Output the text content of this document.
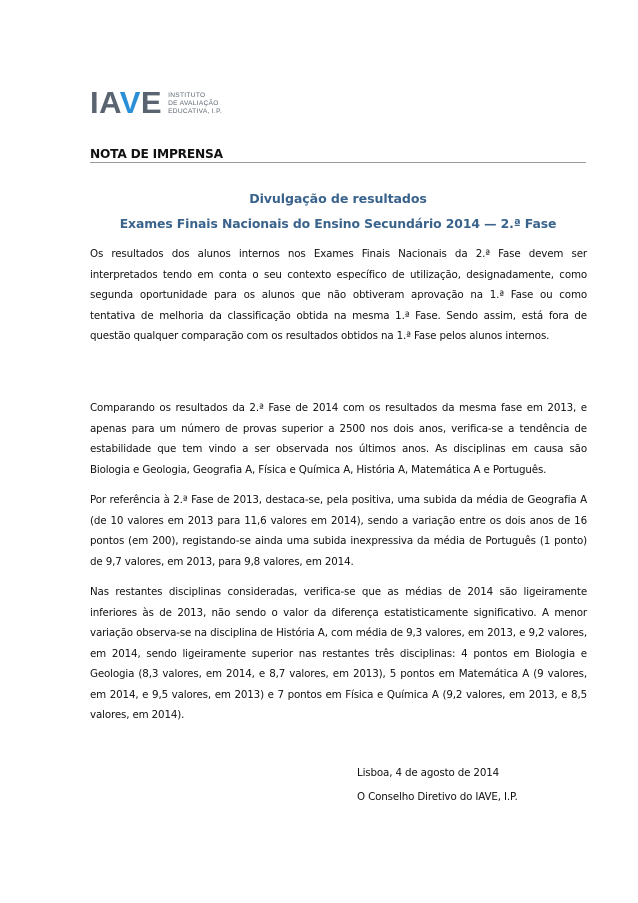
IAVE INSTITUTO
DE AVALIAÇÃO
EDUCATIVA, I.P.
NOTA DE IMPRENSA
Divulgação de resultados
Exames Finais Nacionais do Ensino Secundário 2014 — 2.ª Fase

Os resultados dos alunos internos nos Exames Finais Nacionais da 2.ª Fase devem ser interpretados tendo em conta o seu contexto específico de utilização, designadamente, como segunda oportunidade para os alunos que não obtiveram aprovação na 1.ª Fase ou como tentativa de melhoria da classificação obtida na mesma 1.ª Fase. Sendo assim, está fora de questão qualquer comparação com os resultados obtidos na 1.ª Fase pelos alunos internos.

Comparando os resultados da 2.ª Fase de 2014 com os resultados da mesma fase em 2013, e apenas para um número de provas superior a 2500 nos dois anos, verifica-se a tendência de estabilidade que tem vindo a ser observada nos últimos anos. As disciplinas em causa são Biologia e Geologia, Geografia A, Física e Química A, História A, Matemática A e Português.

Por referência à 2.ª Fase de 2013, destaca-se, pela positiva, uma subida da média de Geografia A (de 10 valores em 2013 para 11,6 valores em 2014), sendo a variação entre os dois anos de 16 pontos (em 200), registando-se ainda uma subida inexpressiva da média de Português (1 ponto) de 9,7 valores, em 2013, para 9,8 valores, em 2014.

Nas restantes disciplinas consideradas, verifica-se que as médias de 2014 são ligeiramente inferiores às de 2013, não sendo o valor da diferença estatisticamente significativo. A menor variação observa-se na disciplina de História A, com média de 9,3 valores, em 2013, e 9,2 valores, em 2014, sendo ligeiramente superior nas restantes três disciplinas: 4 pontos em Biologia e Geologia (8,3 valores, em 2014, e 8,7 valores, em 2013), 5 pontos em Matemática A (9 valores, em 2014, e 9,5 valores, em 2013) e 7 pontos em Física e Química A (9,2 valores, em 2013, e 8,5 valores, em 2014).

Lisboa, 4 de agosto de 2014
O Conselho Diretivo do IAVE, I.P.
